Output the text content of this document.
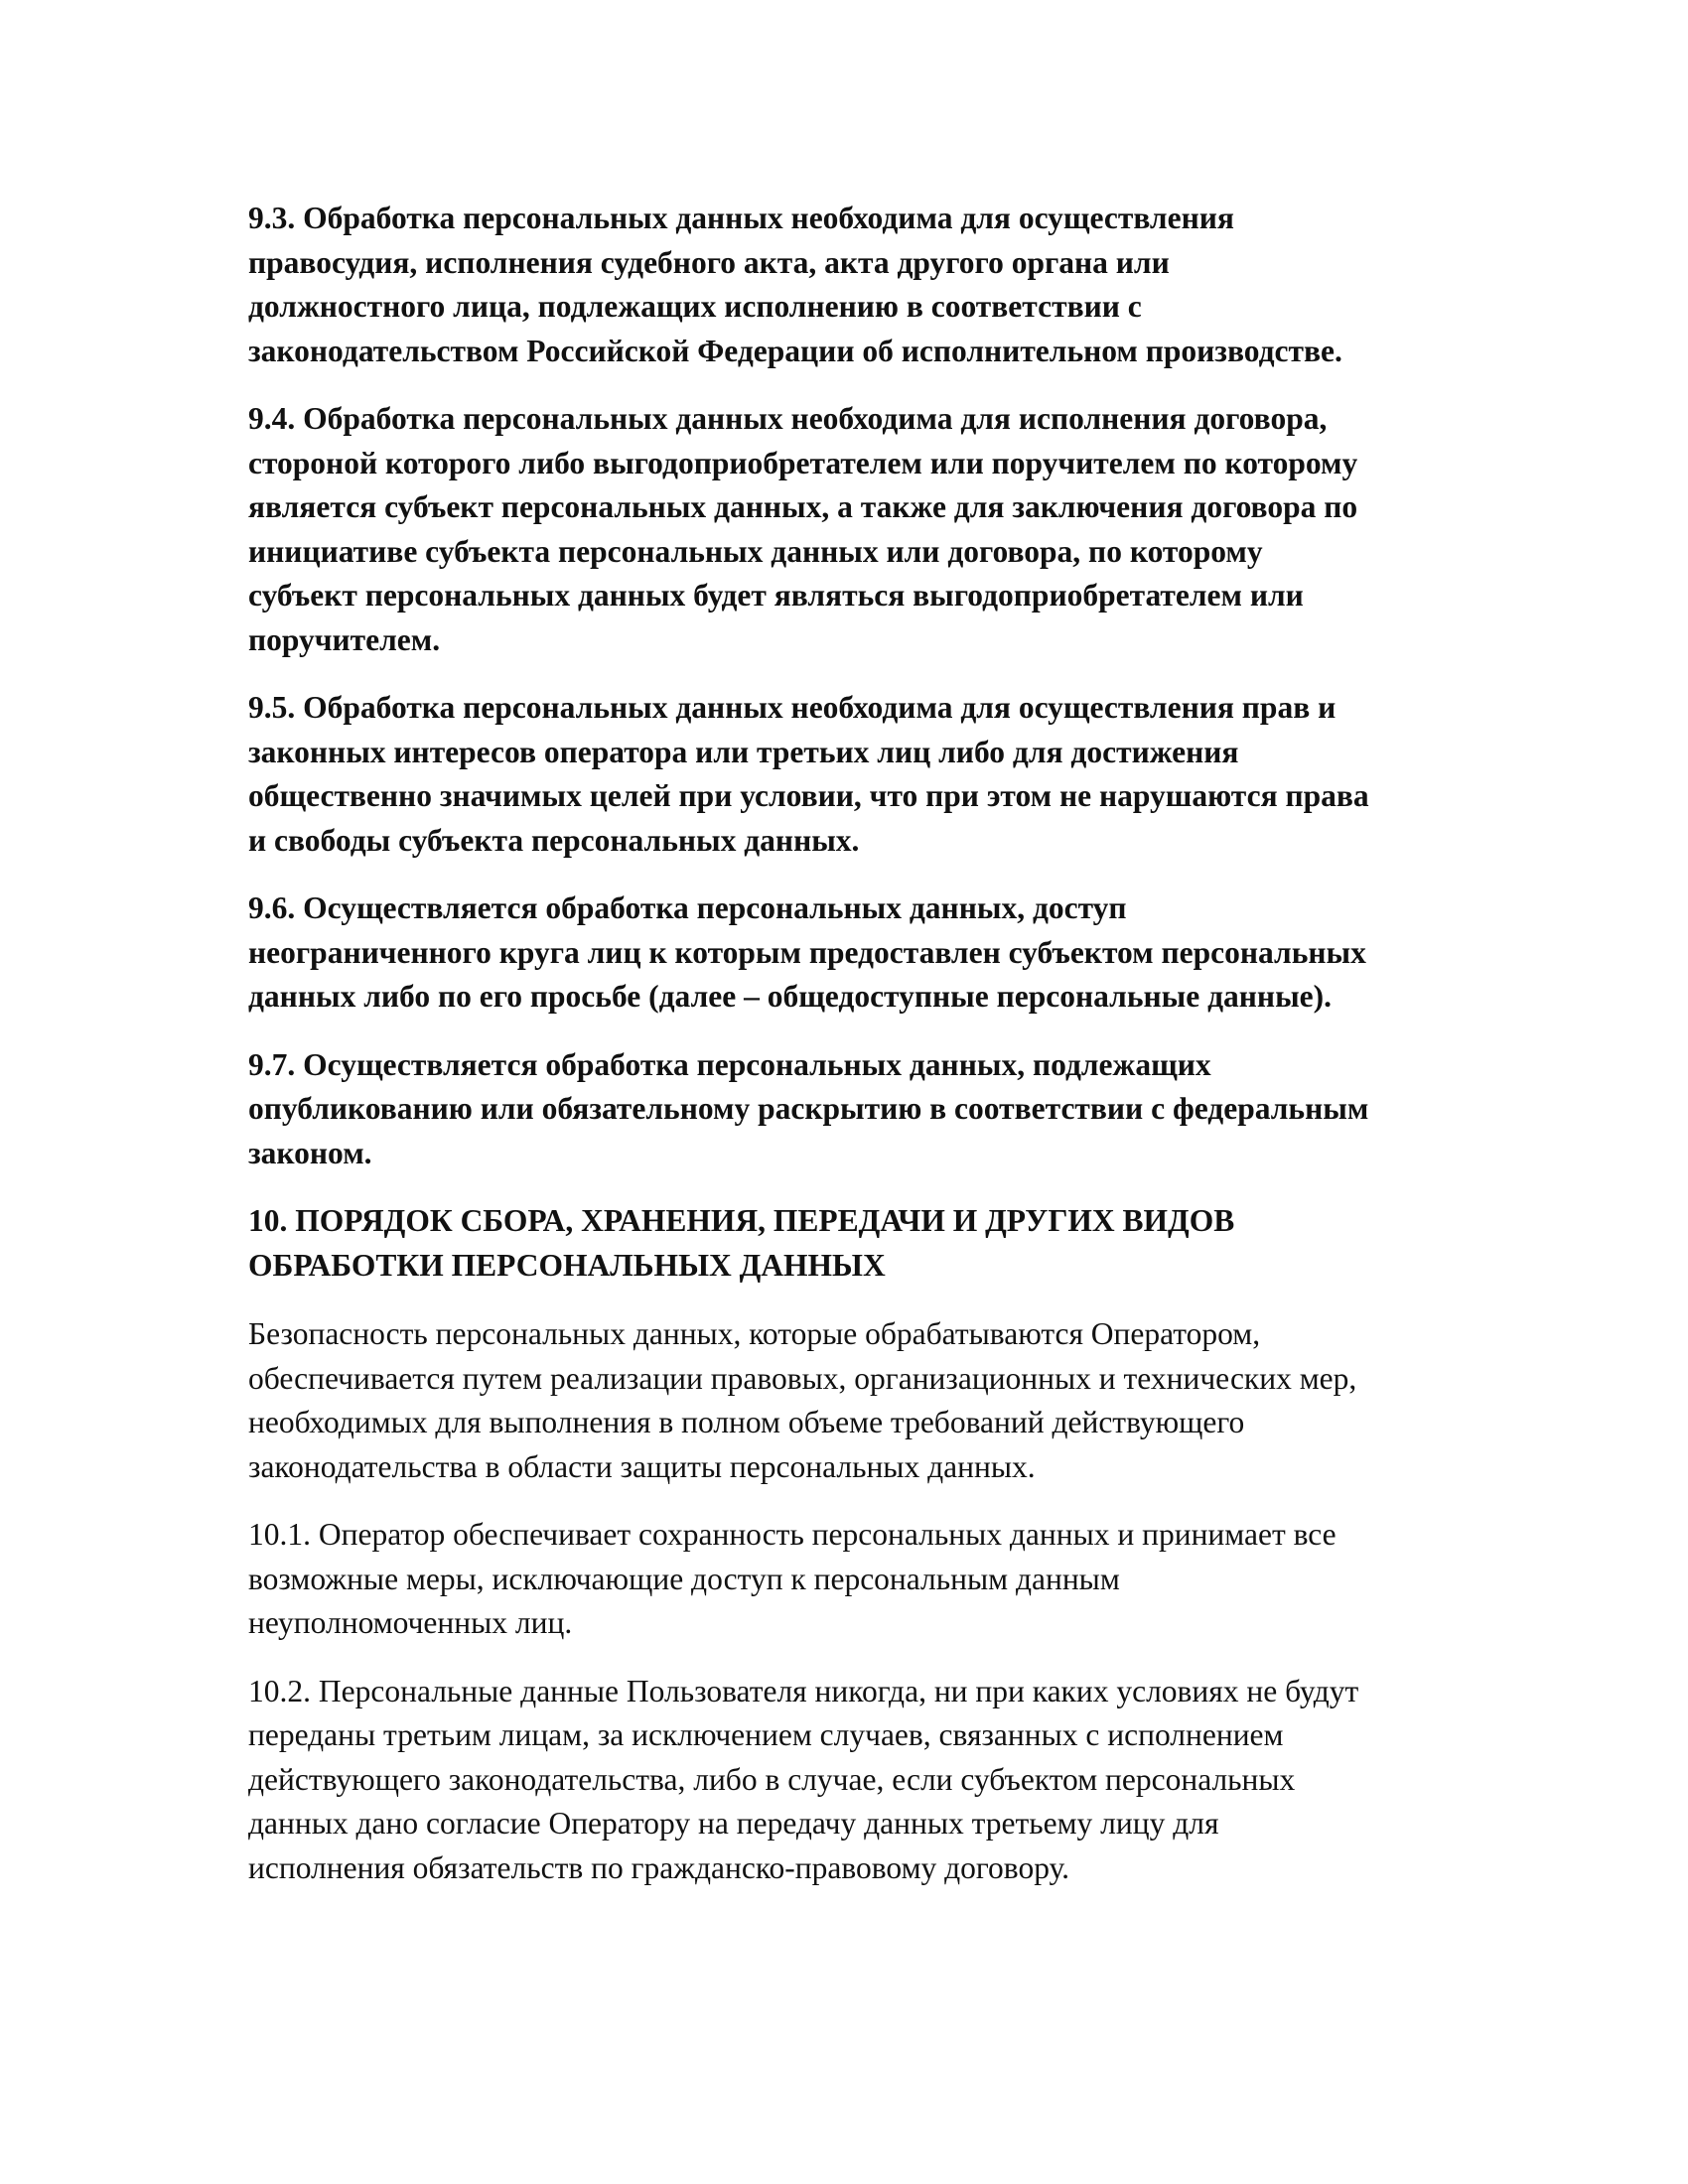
9.3. Обработка персональных данных необходима для осуществления
правосудия, исполнения судебного акта, акта другого органа или
должностного лица, подлежащих исполнению в соответствии с
законодательством Российской Федерации об исполнительном производстве.
9.4. Обработка персональных данных необходима для исполнения договора,
стороной которого либо выгодоприобретателем или поручителем по которому
является субъект персональных данных, а также для заключения договора по
инициативе субъекта персональных данных или договора, по которому
субъект персональных данных будет являться выгодоприобретателем или
поручителем.
9.5. Обработка персональных данных необходима для осуществления прав и
законных интересов оператора или третьих лиц либо для достижения
общественно значимых целей при условии, что при этом не нарушаются права
и свободы субъекта персональных данных.
9.6. Осуществляется обработка персональных данных, доступ
неограниченного круга лиц к которым предоставлен субъектом персональных
данных либо по его просьбе (далее – общедоступные персональные данные).
9.7. Осуществляется обработка персональных данных, подлежащих
опубликованию или обязательному раскрытию в соответствии с федеральным
законом.
10. ПОРЯДОК СБОРА, ХРАНЕНИЯ, ПЕРЕДАЧИ И ДРУГИХ ВИДОВ
ОБРАБОТКИ ПЕРСОНАЛЬНЫХ ДАННЫХ
Безопасность персональных данных, которые обрабатываются Оператором,
обеспечивается путем реализации правовых, организационных и технических мер,
необходимых для выполнения в полном объеме требований действующего
законодательства в области защиты персональных данных.
10.1. Оператор обеспечивает сохранность персональных данных и принимает все
возможные меры, исключающие доступ к персональным данным
неуполномоченных лиц.
10.2. Персональные данные Пользователя никогда, ни при каких условиях не будут
переданы третьим лицам, за исключением случаев, связанных с исполнением
действующего законодательства, либо в случае, если субъектом персональных
данных дано согласие Оператору на передачу данных третьему лицу для
исполнения обязательств по гражданско-правовому договору.
